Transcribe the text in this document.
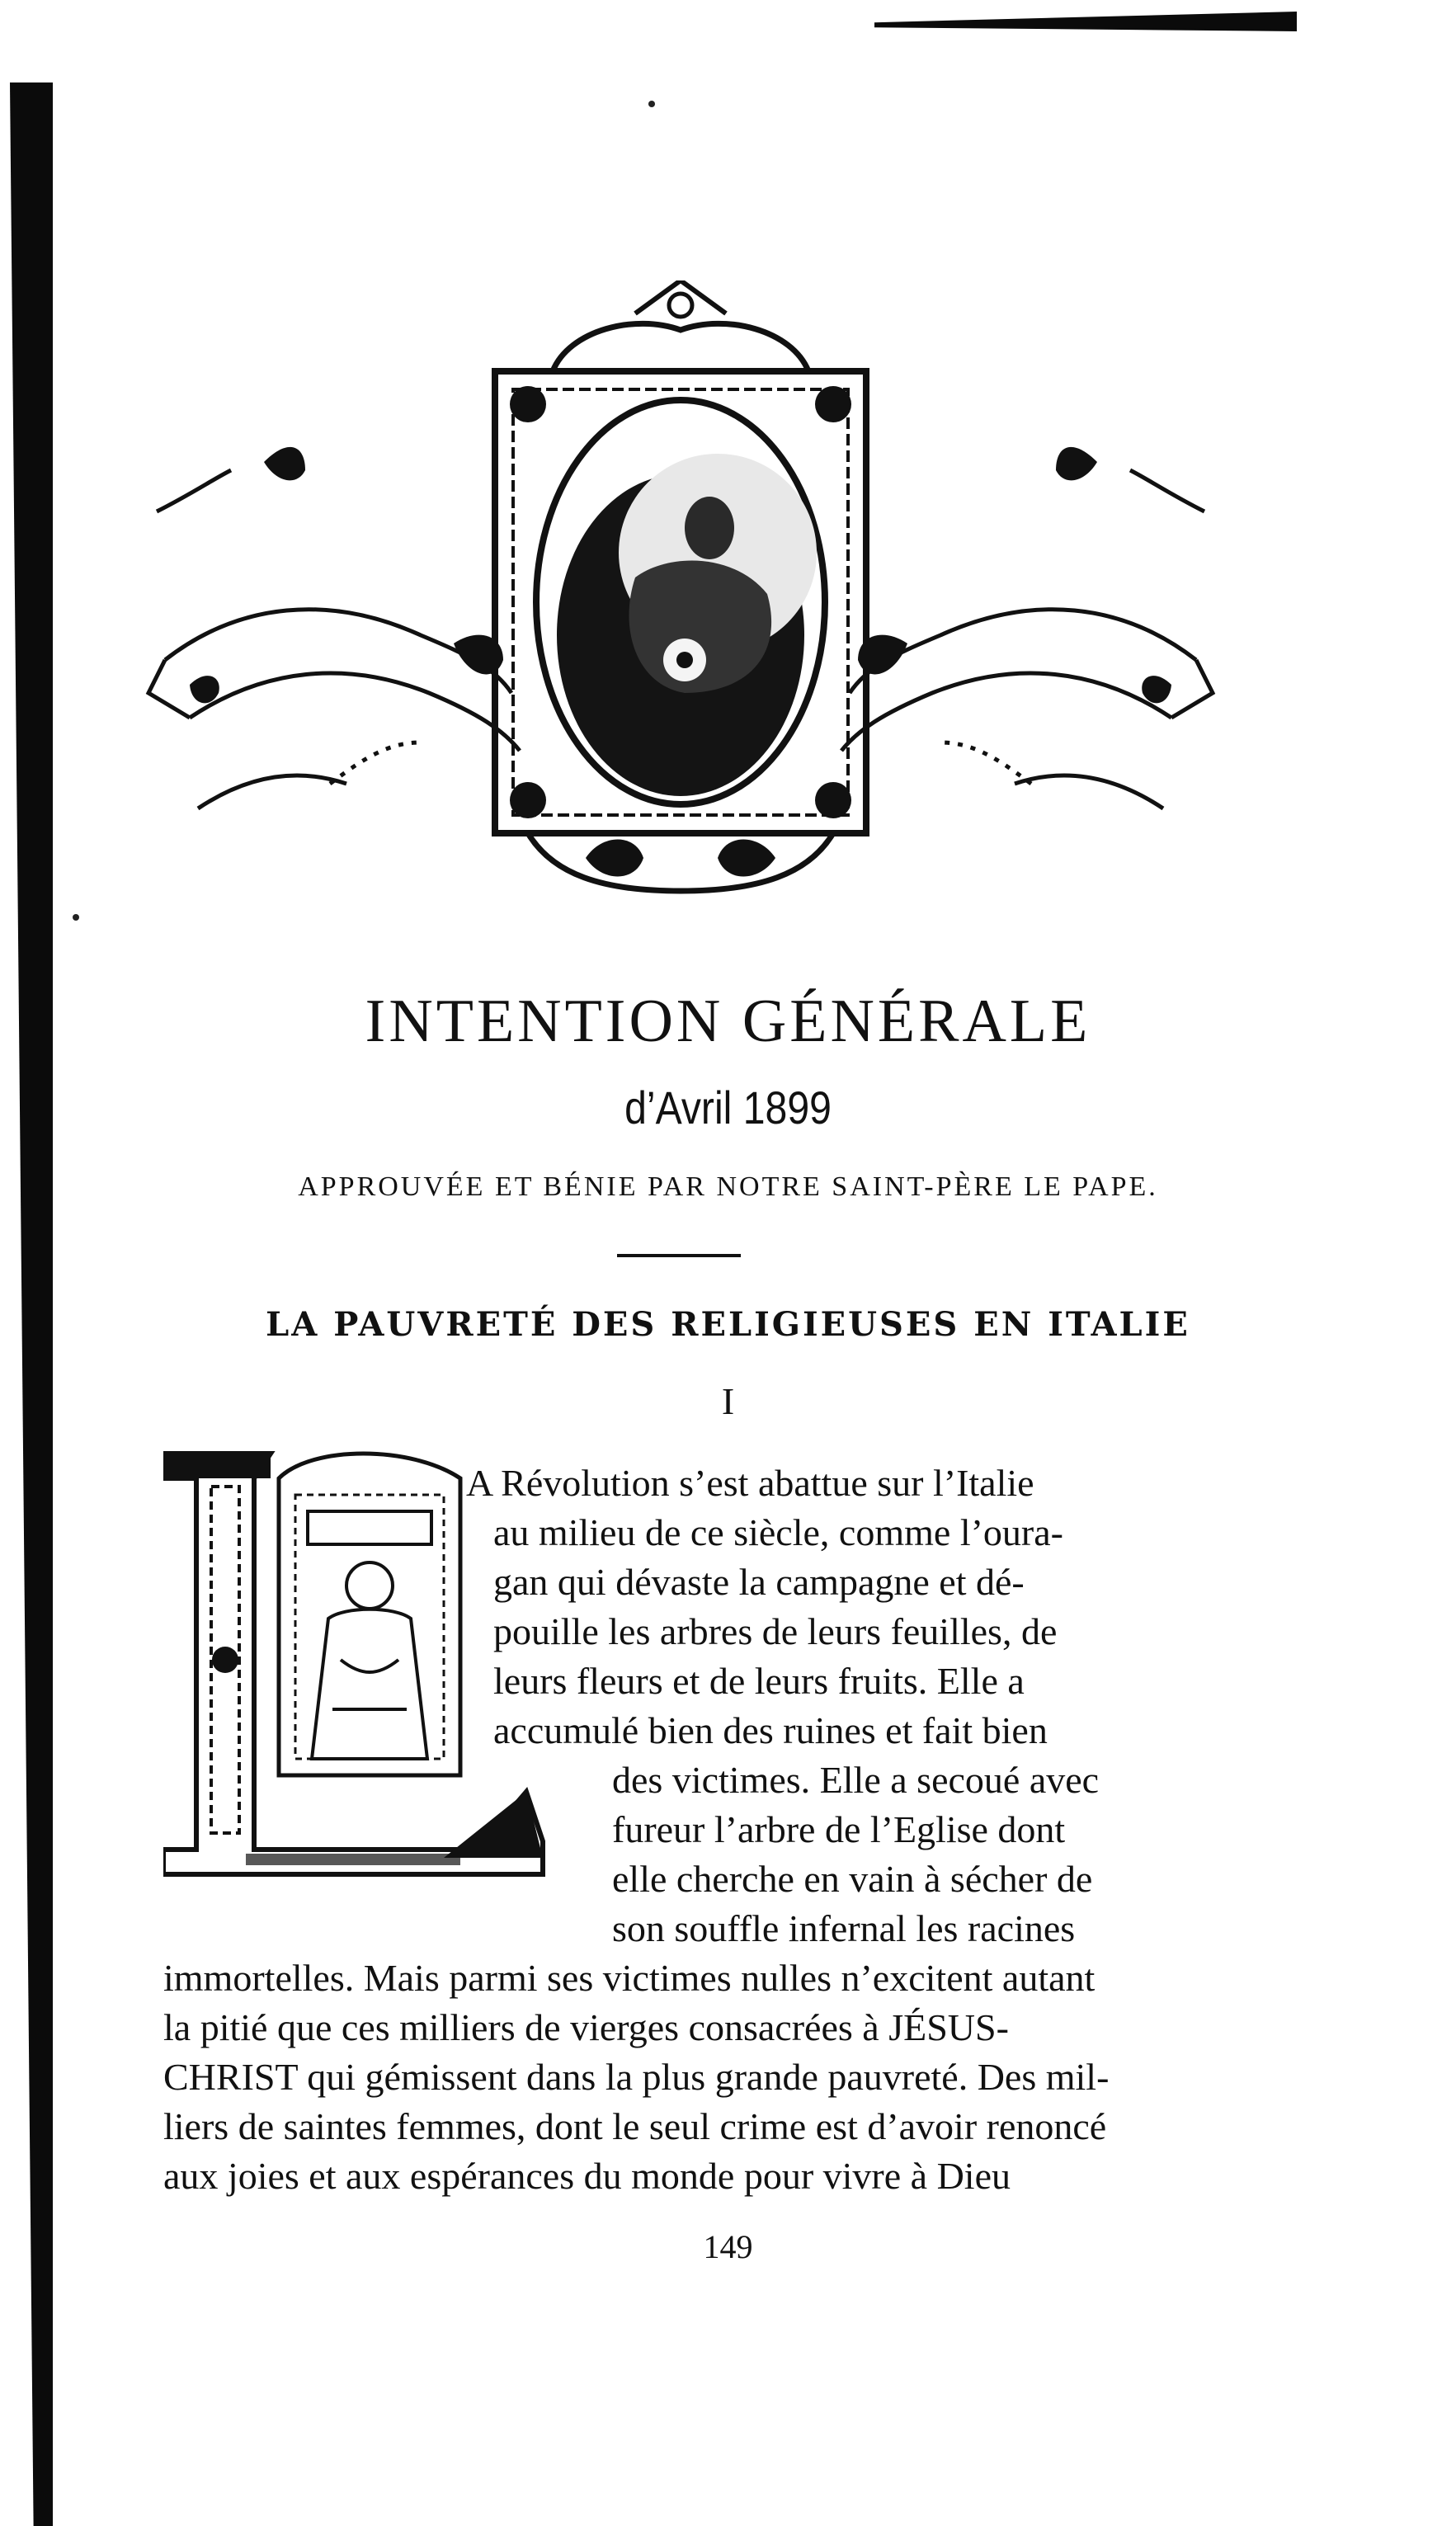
INTENTION GÉNÉRALE
d’Avril 1899
APPROUVÉE ET BÉNIE PAR NOTRE SAINT-PÈRE LE PAPE.
LA PAUVRETÉ DES RELIGIEUSES EN ITALIE
I
L
A Révolution s’est abattue sur l’Italie
au milieu de ce siècle, comme l’oura-
gan qui dévaste la campagne et dé-
pouille les arbres de leurs feuilles, de
leurs fleurs et de leurs fruits. Elle a
accumulé bien des ruines et fait bien
des victimes. Elle a secoué avec
fureur l’arbre de l’Eglise dont
elle cherche en vain à sécher de
son souffle infernal les racines
immortelles. Mais parmi ses victimes nulles n’excitent autant
la pitié que ces milliers de vierges consacrées à JÉSUS-
CHRIST qui gémissent dans la plus grande pauvreté. Des mil-
liers de saintes femmes, dont le seul crime est d’avoir renoncé
aux joies et aux espérances du monde pour vivre à Dieu
149
